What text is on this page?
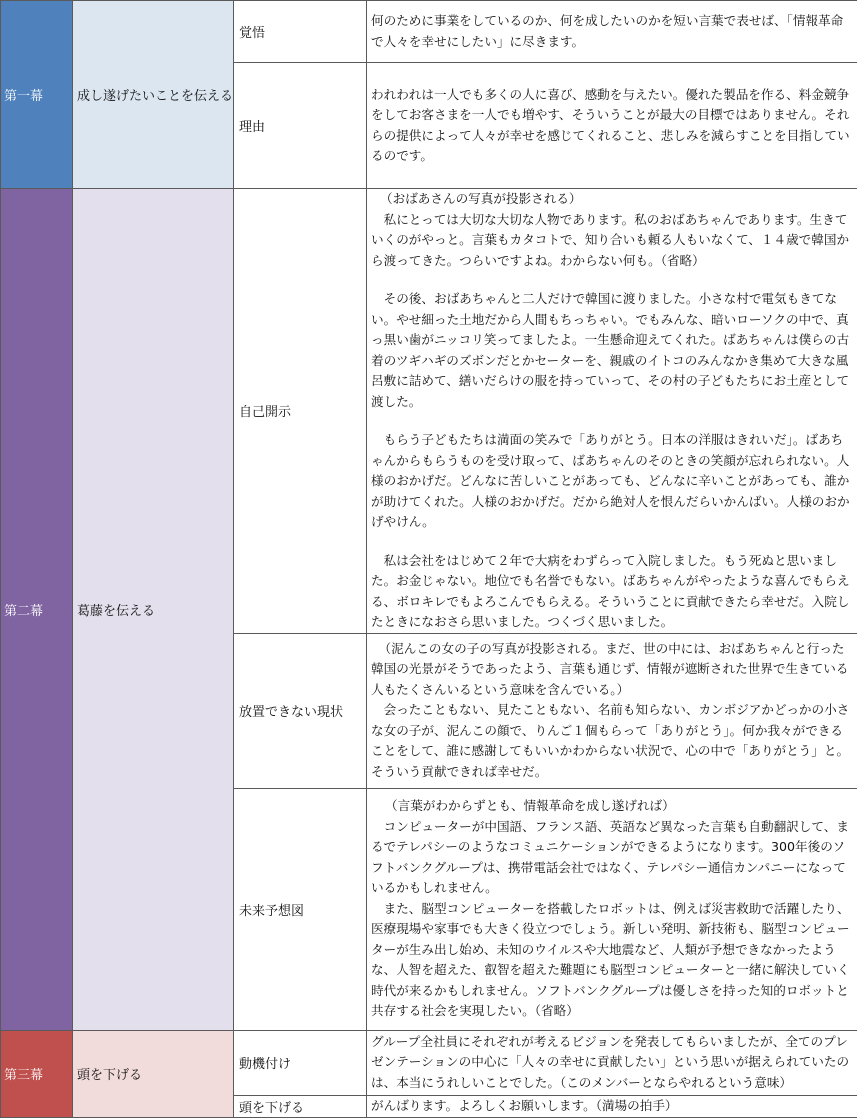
第一幕	成し遂げたいことを伝える	覚悟	何のために事業をしているのか、何を成したいのかを短い言葉で表せば、「情報革命で人々を幸せにしたい」に尽きます。

		理由	われわれは一人でも多くの人に喜び、感動を与えたい。優れた製品を作る、料金競争をしてお客さまを一人でも増やす、そういうことが最大の目標ではありません。それらの提供によって人々が幸せを感じてくれること、悲しみを減らすことを目指しているのです。

第二幕	葛藤を伝える	自己開示	（おばあさんの写真が投影される）

私にとっては大切な大切な人物であります。私のおばあちゃんであります。生きていくのがやっと。言葉もカタコトで、知り合いも頼る人もいなくて、１４歳で韓国から渡ってきた。つらいですよね。わからない何も。（省略）

その後、おばあちゃんと二人だけで韓国に渡りました。小さな村で電気もきてない。やせ細った土地だから人間もちっちゃい。でもみんな、暗いローソクの中で、真っ黒い歯がニッコリ笑ってましたよ。一生懸命迎えてくれた。ばあちゃんは僕らの古着のツギハギのズボンだとかセーターを、親戚のイトコのみんなかき集めて大きな風呂敷に詰めて、繕いだらけの服を持っていって、その村の子どもたちにお土産として渡した。

もらう子どもたちは満面の笑みで「ありがとう。日本の洋服はきれいだ」。ばあちゃんからもらうものを受け取って、ばあちゃんのそのときの笑顔が忘れられない。人様のおかげだ。どんなに苦しいことがあっても、どんなに辛いことがあっても、誰かが助けてくれた。人様のおかげだ。だから絶対人を恨んだらいかんばい。人様のおかげやけん。

私は会社をはじめて２年で大病をわずらって入院しました。もう死ぬと思いました。お金じゃない。地位でも名誉でもない。ばあちゃんがやったような喜んでもらえる、ボロキレでもよろこんでもらえる。そういうことに貢献できたら幸せだ。入院したときになおさら思いました。つくづく思いました。

		放置できない現状	（泥んこの女の子の写真が投影される。まだ、世の中には、おばあちゃんと行った韓国の光景がそうであったよう、言葉も通じず、情報が遮断された世界で生きている人もたくさんいるという意味を含んでいる。）

会ったこともない、見たこともない、名前も知らない、カンボジアかどっかの小さな女の子が、泥んこの顔で、りんご１個もらって「ありがとう」。何か我々ができることをして、誰に感謝してもいいかわからない状況で、心の中で「ありがとう」と。そういう貢献できれば幸せだ。

		未来予想図	（言葉がわからずとも、情報革命を成し遂げれば）

コンピューターが中国語、フランス語、英語など異なった言葉も自動翻訳して、まるでテレパシーのようなコミュニケーションができるようになります。300年後のソフトバンクグループは、携帯電話会社ではなく、テレパシー通信カンパニーになっているかもしれません。

また、脳型コンピューターを搭載したロボットは、例えば災害救助で活躍したり、医療現場や家事でも大きく役立つでしょう。新しい発明、新技術も、脳型コンピューターが生み出し始め、未知のウイルスや大地震など、人類が予想できなかったような、人智を超えた、叡智を超えた難題にも脳型コンピューターと一緒に解決していく時代が来るかもしれません。ソフトバンクグループは優しさを持った知的ロボットと共存する社会を実現したい。（省略）

第三幕	頭を下げる	動機付け	グループ全社員にそれぞれが考えるビジョンを発表してもらいましたが、全てのプレゼンテーションの中心に「人々の幸せに貢献したい」という思いが据えられていたのは、本当にうれしいことでした。（このメンバーとならやれるという意味）

		頭を下げる	がんばります。よろしくお願いします。（満場の拍手）
